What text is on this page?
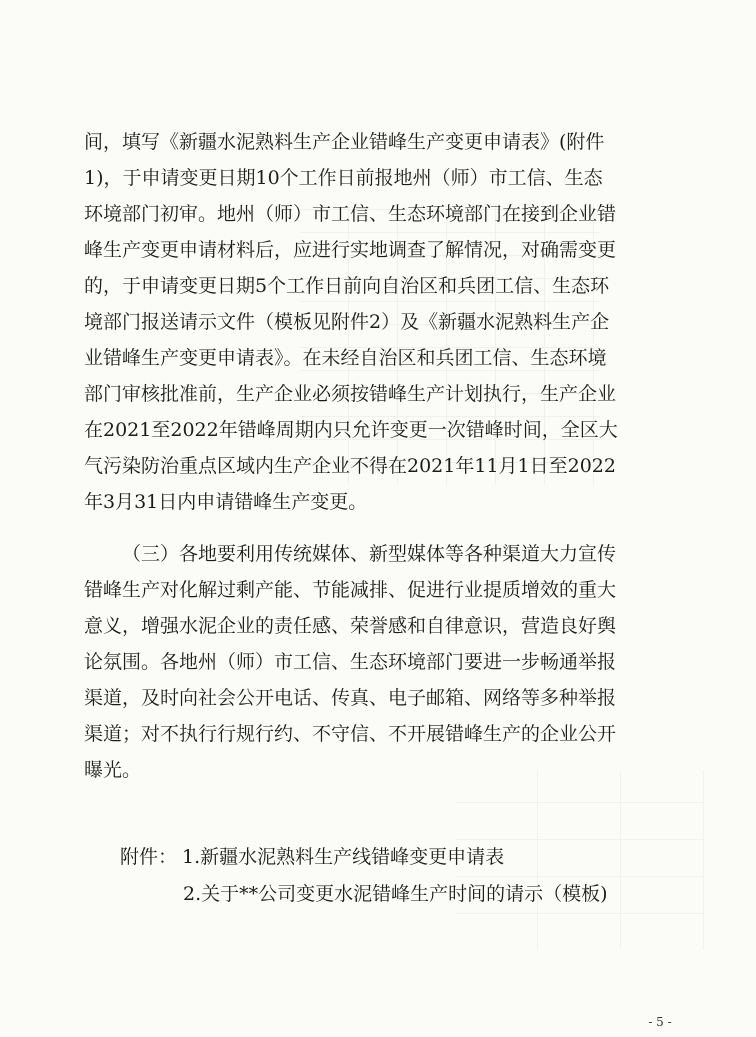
间，填写《新疆水泥熟料生产企业错峰生产变更申请表》(附件
1)，于申请变更日期10个工作日前报地州（师）市工信、生态
环境部门初审。地州（师）市工信、生态环境部门在接到企业错
峰生产变更申请材料后，应进行实地调查了解情况，对确需变更
的，于申请变更日期5个工作日前向自治区和兵团工信、生态环
境部门报送请示文件（模板见附件2）及《新疆水泥熟料生产企
业错峰生产变更申请表》。在未经自治区和兵团工信、生态环境
部门审核批准前，生产企业必须按错峰生产计划执行，生产企业
在2021至2022年错峰周期内只允许变更一次错峰时间，全区大
气污染防治重点区域内生产企业不得在2021年11月1日至2022
年3月31日内申请错峰生产变更。
（三）各地要利用传统媒体、新型媒体等各种渠道大力宣传
错峰生产对化解过剩产能、节能减排、促进行业提质增效的重大
意义，增强水泥企业的责任感、荣誉感和自律意识，营造良好舆
论氛围。各地州（师）市工信、生态环境部门要进一步畅通举报
渠道，及时向社会公开电话、传真、电子邮箱、网络等多种举报
渠道；对不执行行规行约、不守信、不开展错峰生产的企业公开
曝光。
附件： 1.新疆水泥熟料生产线错峰变更申请表
2.关于**公司变更水泥错峰生产时间的请示（模板)
- 5 -
